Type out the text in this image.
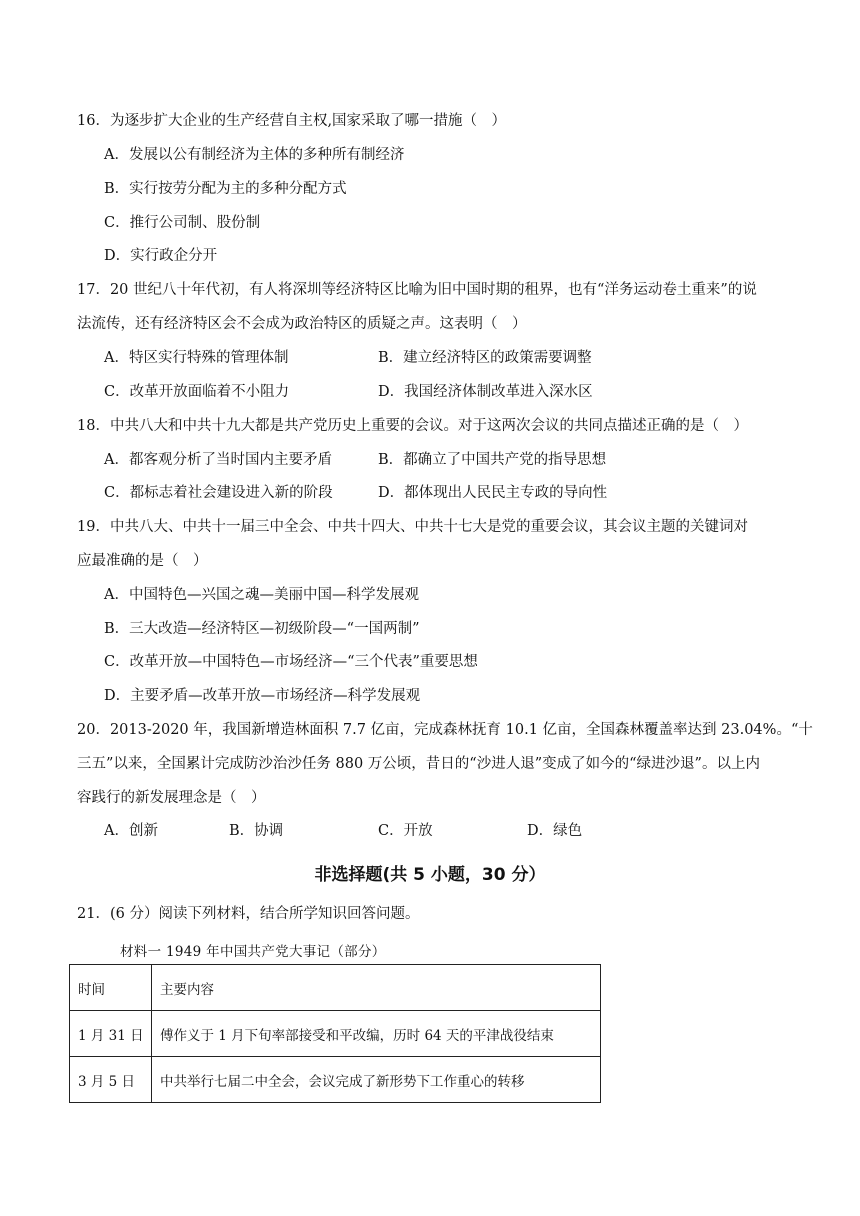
16．为逐步扩大企业的生产经营自主权,国家采取了哪一措施（　）
A．发展以公有制经济为主体的多种所有制经济
B．实行按劳分配为主的多种分配方式
C．推行公司制、股份制
D．实行政企分开
17．20 世纪八十年代初，有人将深圳等经济特区比喻为旧中国时期的租界，也有“洋务运动卷土重来”的说
法流传，还有经济特区会不会成为政治特区的质疑之声。这表明（　）
A．特区实行特殊的管理体制	B．建立经济特区的政策需要调整
C．改革开放面临着不小阻力	D．我国经济体制改革进入深水区
18．中共八大和中共十九大都是共产党历史上重要的会议。对于这两次会议的共同点描述正确的是（　）
A．都客观分析了当时国内主要矛盾	B．都确立了中国共产党的指导思想
C．都标志着社会建设进入新的阶段	D．都体现出人民民主专政的导向性
19．中共八大、中共十一届三中全会、中共十四大、中共十七大是党的重要会议，其会议主题的关键词对
应最准确的是（　）
A．中国特色—兴国之魂—美丽中国—科学发展观
B．三大改造—经济特区—初级阶段—“一国两制”
C．改革开放—中国特色—市场经济—“三个代表”重要思想
D．主要矛盾—改革开放—市场经济—科学发展观
20．2013-2020 年，我国新增造林面积 7.7 亿亩，完成森林抚育 10.1 亿亩，全国森林覆盖率达到 23.04%。“十
三五”以来，全国累计完成防沙治沙任务 880 万公顷，昔日的“沙进人退”变成了如今的“绿进沙退”。以上内
容践行的新发展理念是（　）
A．创新	B．协调	C．开放	D．绿色
非选择题(共 5 小题，30 分）
21．(6 分）阅读下列材料，结合所学知识回答问题。
材料一 1949 年中国共产党大事记（部分）
时间	主要内容
1 月 31 日	傅作义于 1 月下旬率部接受和平改编，历时 64 天的平津战役结束
3 月 5 日	中共举行七届二中全会，会议完成了新形势下工作重心的转移
